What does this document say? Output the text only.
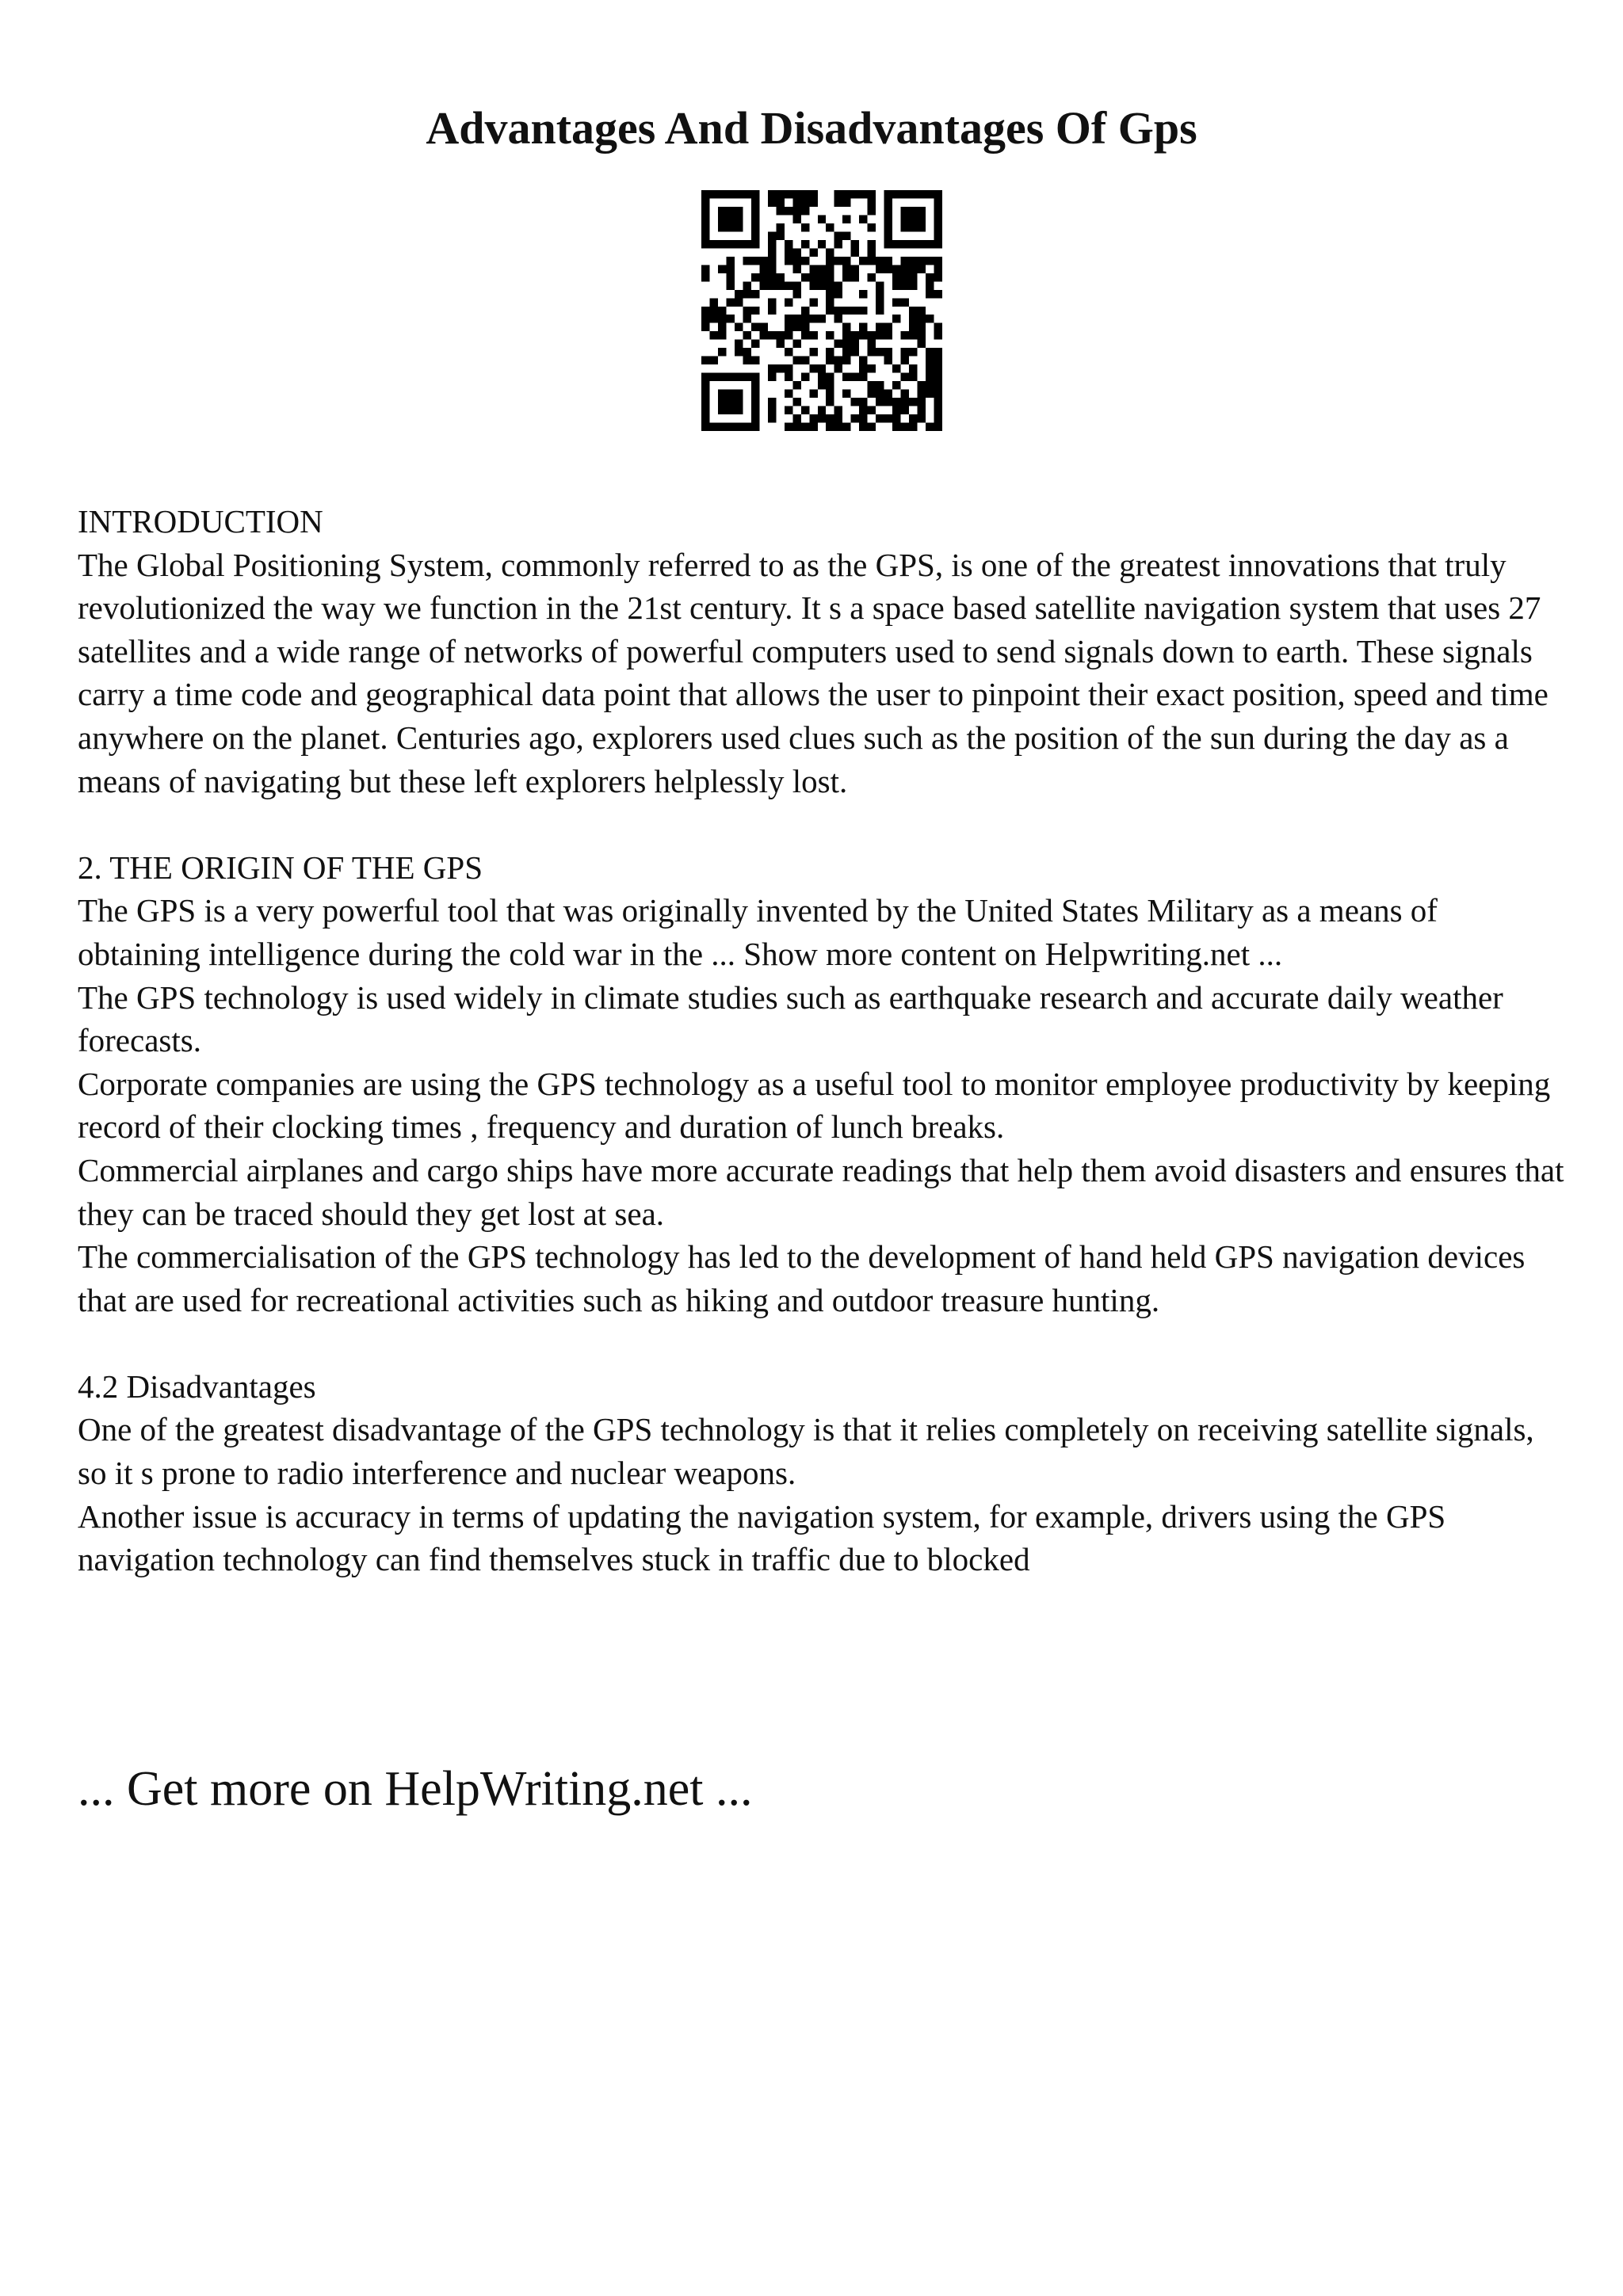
Advantages And Disadvantages Of Gps

INTRODUCTION

The Global Positioning System, commonly referred to as the GPS, is one of the greatest innovations that truly revolutionized the way we function in the 21st century. It s a space based satellite navigation system that uses 27 satellites and a wide range of networks of powerful computers used to send signals down to earth. These signals carry a time code and geographical data point that allows the user to pinpoint their exact position, speed and time anywhere on the planet. Centuries ago, explorers used clues such as the position of the sun during the day as a means of navigating but these left explorers helplessly lost.

2. THE ORIGIN OF THE GPS

The GPS is a very powerful tool that was originally invented by the United States Military as a means of obtaining intelligence during the cold war in the ... Show more content on Helpwriting.net ...

The GPS technology is used widely in climate studies such as earthquake research and accurate daily weather forecasts.

Corporate companies are using the GPS technology as a useful tool to monitor employee productivity by keeping record of their clocking times , frequency and duration of lunch breaks.

Commercial airplanes and cargo ships have more accurate readings that help them avoid disasters and ensures that they can be traced should they get lost at sea.

The commercialisation of the GPS technology has led to the development of hand held GPS navigation devices that are used for recreational activities such as hiking and outdoor treasure hunting.

4.2 Disadvantages

One of the greatest disadvantage of the GPS technology is that it relies completely on receiving satellite signals, so it s prone to radio interference and nuclear weapons.

Another issue is accuracy in terms of updating the navigation system, for example, drivers using the GPS navigation technology can find themselves stuck in traffic due to blocked

... Get more on HelpWriting.net ...
